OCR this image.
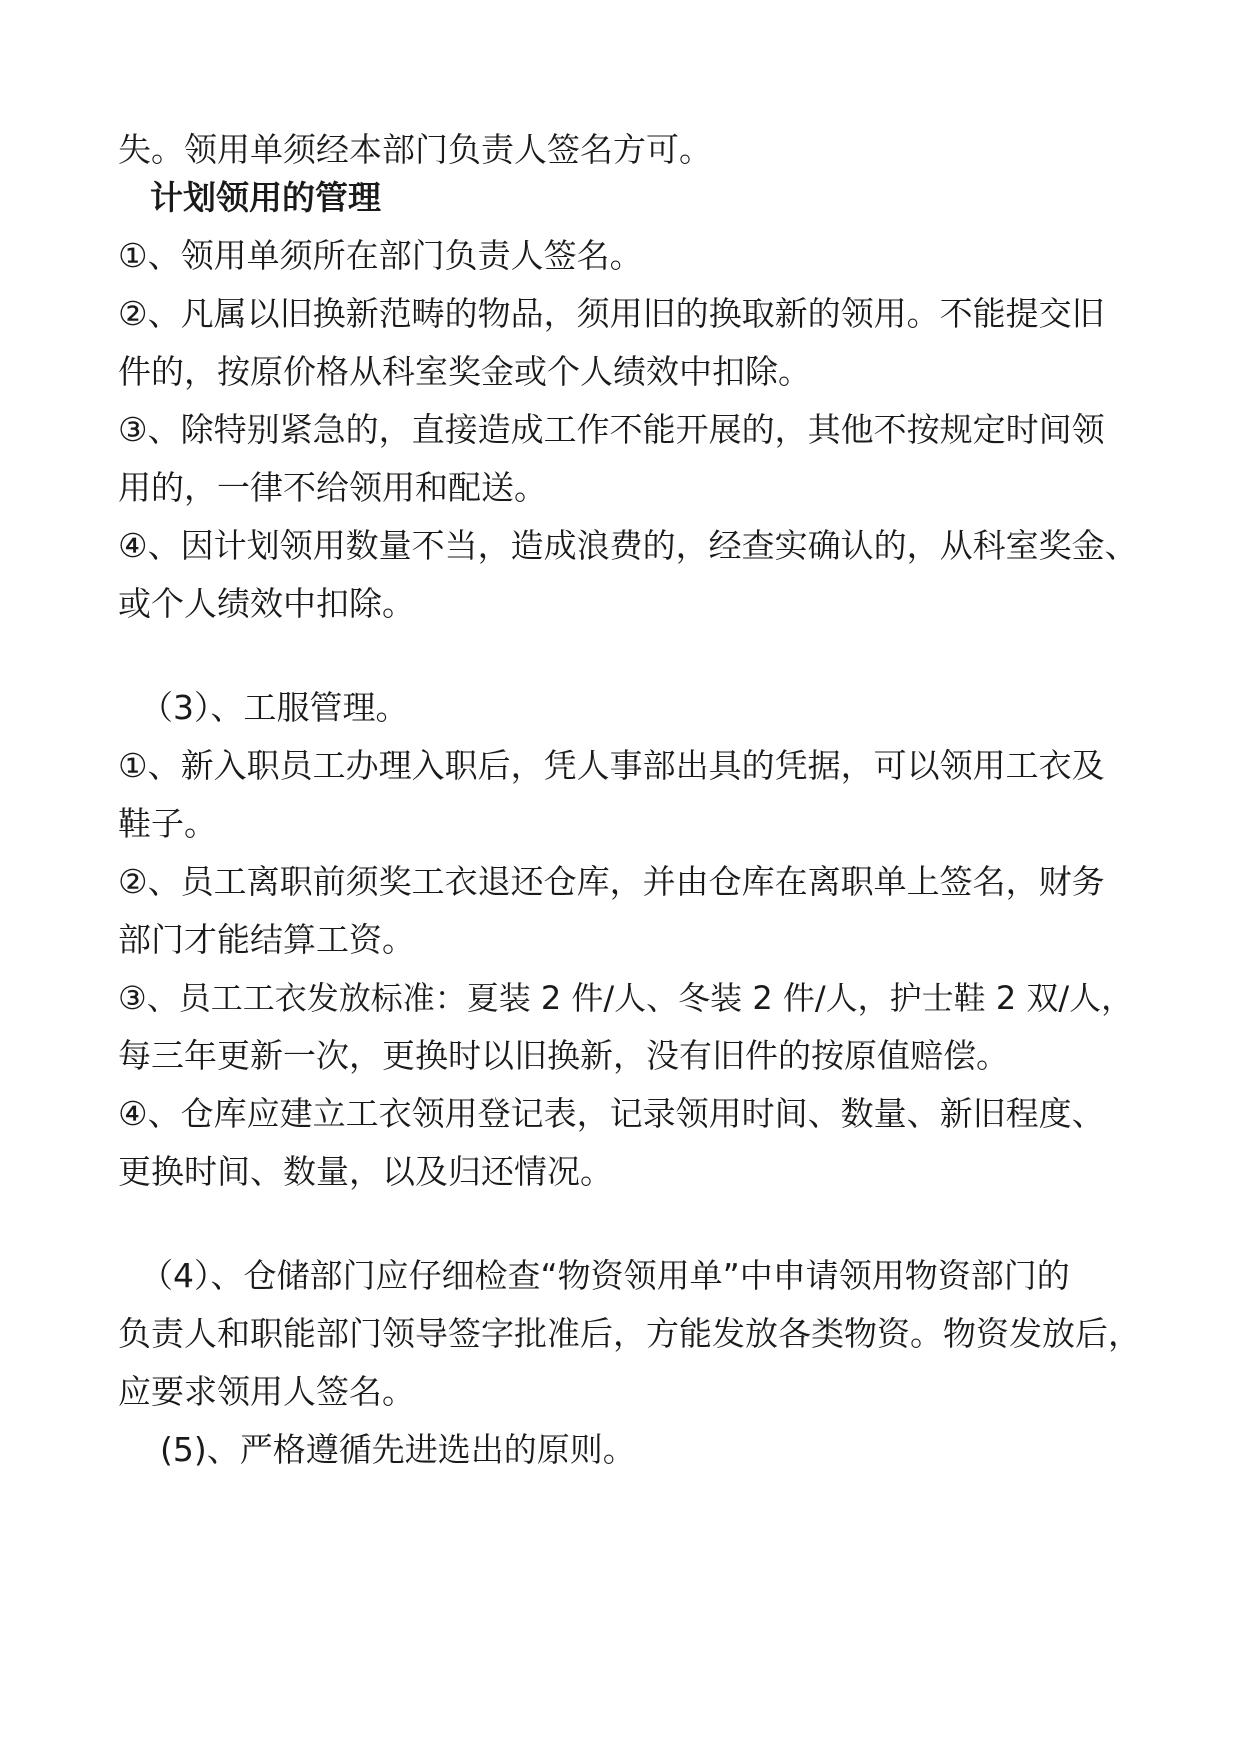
失。领用单须经本部门负责人签名方可。
计划领用的管理
①、领用单须所在部门负责人签名。
②、凡属以旧换新范畴的物品，须用旧的换取新的领用。不能提交旧
件的，按原价格从科室奖金或个人绩效中扣除。
③、除特别紧急的，直接造成工作不能开展的，其他不按规定时间领
用的，一律不给领用和配送。
④、因计划领用数量不当，造成浪费的，经查实确认的，从科室奖金、
或个人绩效中扣除。
（3）、工服管理。
①、新入职员工办理入职后，凭人事部出具的凭据，可以领用工衣及
鞋子。
②、员工离职前须奖工衣退还仓库，并由仓库在离职单上签名，财务
部门才能结算工资。
③、员工工衣发放标准：夏装 2 件/人、冬装 2 件/人，护士鞋 2 双/人，
每三年更新一次，更换时以旧换新，没有旧件的按原值赔偿。
④、仓库应建立工衣领用登记表，记录领用时间、数量、新旧程度、
更换时间、数量，以及归还情况。
（4）、仓储部门应仔细检查“物资领用单”中申请领用物资部门的
负责人和职能部门领导签字批准后，方能发放各类物资。物资发放后，
应要求领用人签名。
(5)、严格遵循先进选出的原则。
